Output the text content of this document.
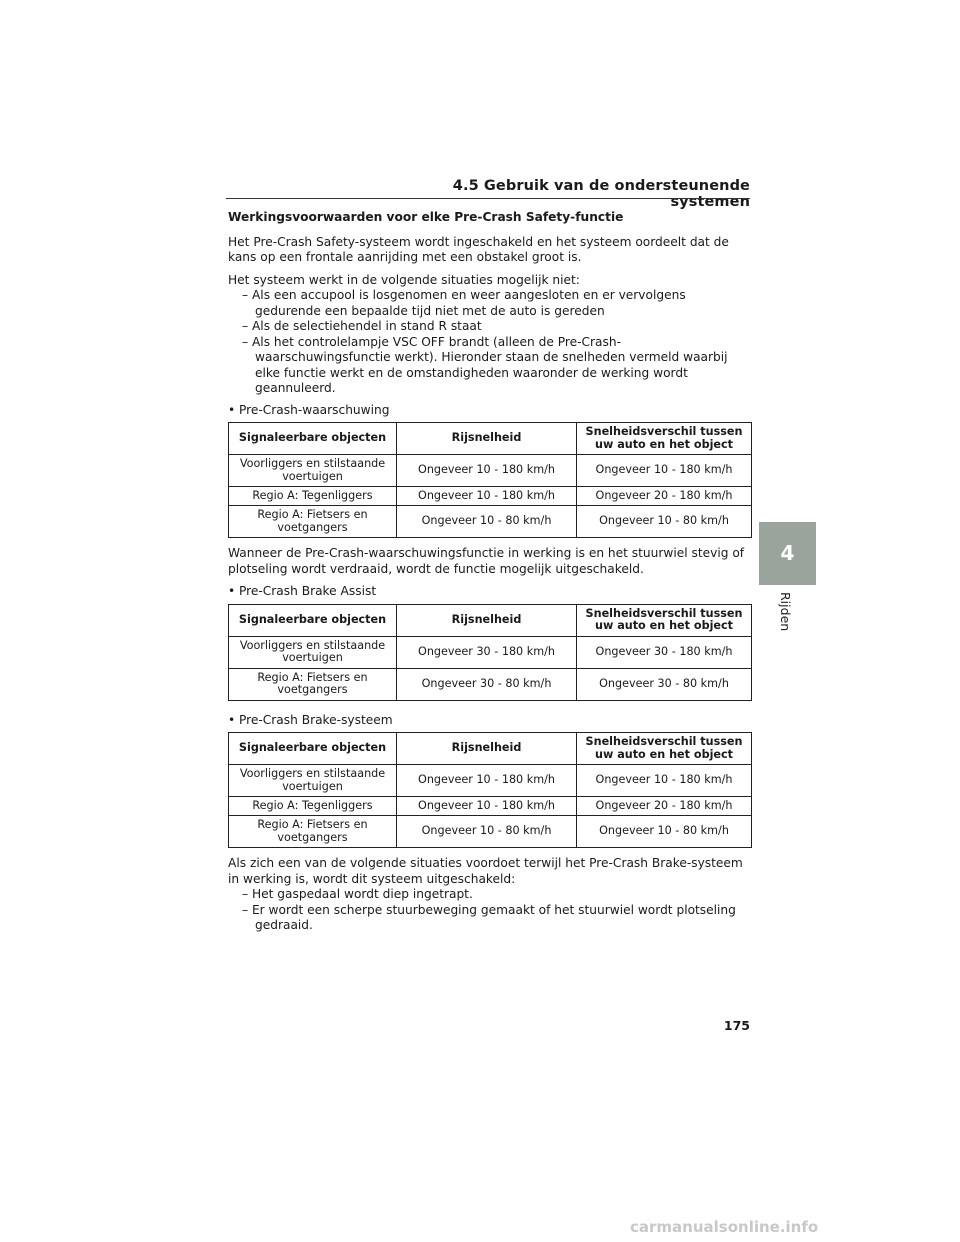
4.5 Gebruik van de ondersteunende systemen

Werkingsvoorwaarden voor elke Pre-Crash Safety-functie

Het Pre-Crash Safety-systeem wordt ingeschakeld en het systeem oordeelt dat de kans op een frontale aanrijding met een obstakel groot is.

Het systeem werkt in de volgende situaties mogelijk niet:

– Als een accupool is losgenomen en weer aangesloten en er vervolgens gedurende een bepaalde tijd niet met de auto is gereden
– Als de selectiehendel in stand R staat
– Als het controlelampje VSC OFF brandt (alleen de Pre-Crash-waarschuwingsfunctie werkt). Hieronder staan de snelheden vermeld waarbij elke functie werkt en de omstandigheden waaronder de werking wordt geannuleerd.

• Pre-Crash-waarschuwing

Signaleerbare objecten	Rijsnelheid	Snelheidsverschil tussen uw auto en het object
Voorliggers en stilstaande voertuigen	Ongeveer 10 - 180 km/h	Ongeveer 10 - 180 km/h
Regio A: Tegenliggers	Ongeveer 10 - 180 km/h	Ongeveer 20 - 180 km/h
Regio A: Fietsers en voetgangers	Ongeveer 10 - 80 km/h	Ongeveer 10 - 80 km/h

Wanneer de Pre-Crash-waarschuwingsfunctie in werking is en het stuurwiel stevig of plotseling wordt verdraaid, wordt de functie mogelijk uitgeschakeld.

• Pre-Crash Brake Assist

Signaleerbare objecten	Rijsnelheid	Snelheidsverschil tussen uw auto en het object
Voorliggers en stilstaande voertuigen	Ongeveer 30 - 180 km/h	Ongeveer 30 - 180 km/h
Regio A: Fietsers en voetgangers	Ongeveer 30 - 80 km/h	Ongeveer 30 - 80 km/h

• Pre-Crash Brake-systeem

Signaleerbare objecten	Rijsnelheid	Snelheidsverschil tussen uw auto en het object
Voorliggers en stilstaande voertuigen	Ongeveer 10 - 180 km/h	Ongeveer 10 - 180 km/h
Regio A: Tegenliggers	Ongeveer 10 - 180 km/h	Ongeveer 20 - 180 km/h
Regio A: Fietsers en voetgangers	Ongeveer 10 - 80 km/h	Ongeveer 10 - 80 km/h

Als zich een van de volgende situaties voordoet terwijl het Pre-Crash Brake-systeem in werking is, wordt dit systeem uitgeschakeld:

– Het gaspedaal wordt diep ingetrapt.
– Er wordt een scherpe stuurbeweging gemaakt of het stuurwiel wordt plotseling gedraaid.
4
Rijden
175
carmanualsonline.info
